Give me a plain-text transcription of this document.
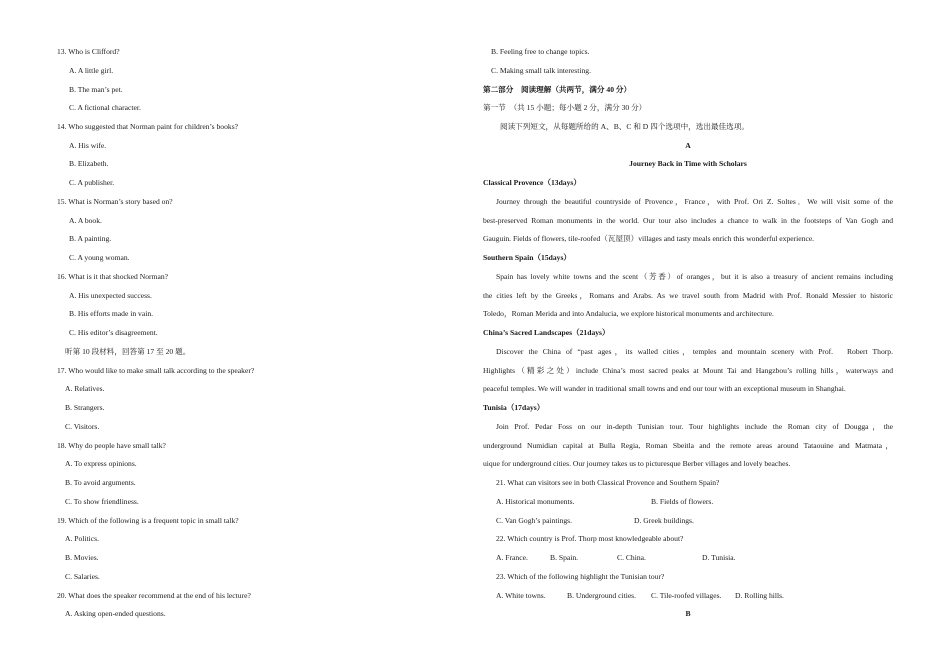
13. Who is Clifford?
A. A little girl.
B. The man’s pet.
C. A fictional character.
14. Who suggested that Norman paint for children’s books?
A. His wife.
B. Elizabeth.
C. A publisher.
15. What is Norman’s story based on?
A. A book.
B. A painting.
C. A young woman.
16. What is it that shocked Norman?
A. His unexpected success.
B. His efforts made in vain.
C. His editor’s disagreement.
听第 10 段材料，回答第 17 至 20 题。
17. Who would like to make small talk according to the speaker?
A. Relatives.
B. Strangers.
C. Visitors.
18. Why do people have small talk?
A. To express opinions.
B. To avoid arguments.
C. To show friendliness.
19. Which of the following is a frequent topic in small talk?
A. Politics.
B. Movies.
C. Salaries.
20. What does the speaker recommend at the end of his lecture?
A. Asking open-ended questions.
B. Feeling free to change topics.
C. Making small talk interesting.
第二部分　阅读理解（共两节，满分 40 分）
第一节　（共 15 小题；每小题 2 分，满分 30 分）
阅读下列短文，从每题所给的 A、B、C 和 D 四个选项中，选出最佳选项。
A
Journey Back in Time with Scholars
Classical Provence（13days）
Journey through the beautiful countryside of Provence，France，with Prof. Ori Z. Soltes．We will visit some of the
best-preserved Roman monuments in the world. Our tour also includes a chance to walk in the footsteps of Van Gogh and
Gauguin. Fields of flowers, tile-roofed（瓦屋顶）villages and tasty meals enrich this wonderful experience.
Southern Spain（15days）
Spain has lovely white towns and the scent（芳香）of oranges，but it is also a treasury of ancient remains including
the cities left by the Greeks，Romans and Arabs. As we travel south from Madrid with Prof. Ronald Messier to historic
Toledo，Roman Merida and into Andalucia, we explore historical monuments and architecture.
China’s Sacred Landscapes（21days）
Discover the China of “past ages，its walled cities，temples and mountain scenery with Prof.　Robert Thorp.
Highlights（精彩之处）include China’s most sacred peaks at Mount Tai and Hangzbou’s rolling hills，waterways and
peaceful temples. We will wander in traditional small towns and end our tour with an exceptional museum in Shanghai.
Tunisia（17days）
Join Prof. Pedar Foss on our in-depth Tunisian tour. Tour highlights include the Roman city of Dougga，the
underground Numidian capital at Bulla Regia, Roman Sbeitla and the remote areas around Tataouine and Matmata，
uique for underground cities. Our journey takes us to picturesque Berber villages and lovely beaches.
21. What can visitors see in both Classical Provence and Southern Spain?
A. Historical monuments.	B. Fields of flowers.
C. Van Gogh’s paintings.	D. Greek buildings.
22. Which country is Prof. Thorp most knowledgeable about?
A. France.	B. Spain.	C. China.	D. Tunisia.
23. Which of the following highlight the Tunisian tour?
A. White towns.	B. Underground cities. C. Tile-roofed villages. D. Rolling hills.
B
